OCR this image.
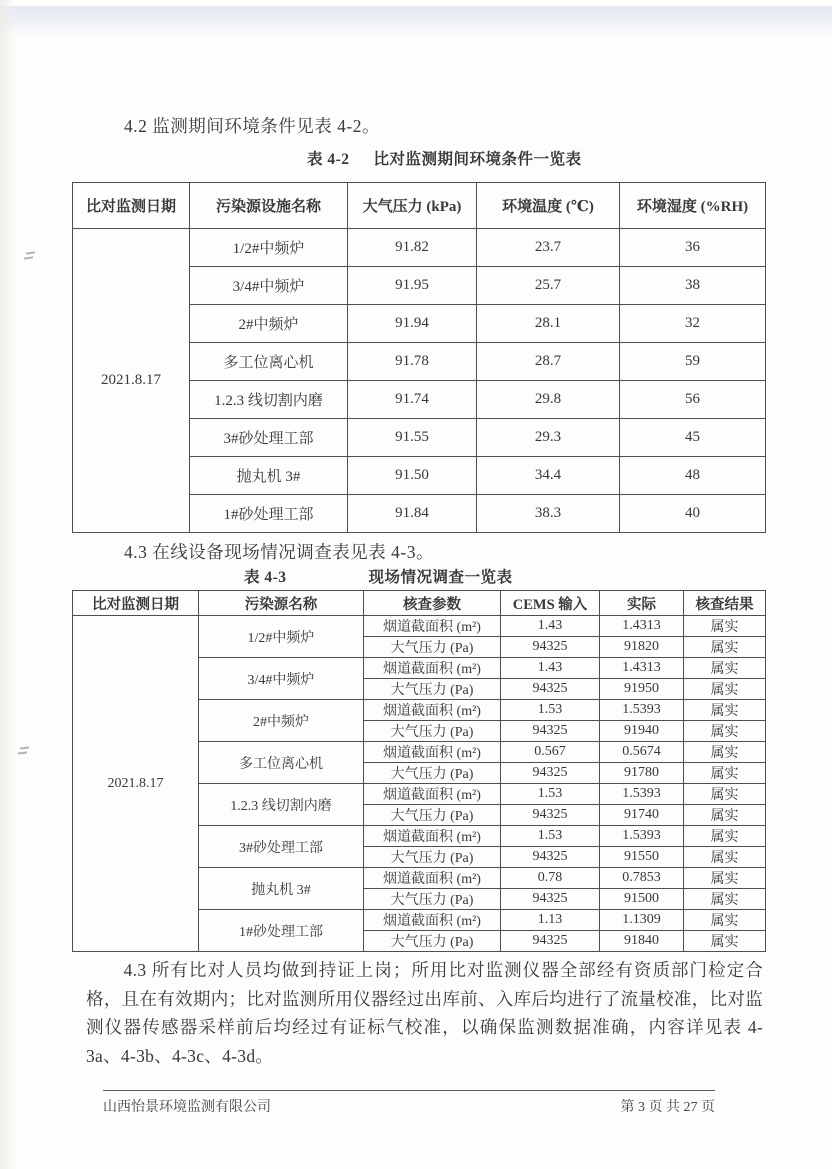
4.2 监测期间环境条件见表 4-2。

表 4-2 比对监测期间环境条件一览表
比对监测日期	污染源设施名称	大气压力 (kPa)	环境温度 (℃)	环境湿度 (%RH)
2021.8.17	1/2#中频炉	91.82	23.7	36
	3/4#中频炉	91.95	25.7	38
	2#中频炉	91.94	28.1	32
	多工位离心机	91.78	28.7	59
	1.2.3 线切割内磨	91.74	29.8	56
	3#砂处理工部	91.55	29.3	45
	抛丸机 3#	91.50	34.4	48
	1#砂处理工部	91.84	38.3	40

4.3 在线设备现场情况调查表见表 4-3。

表 4-3	现场情况调查一览表
比对监测日期	污染源名称	核查参数	CEMS 输入	实际	核查结果
2021.8.17	1/2#中频炉	烟道截面积 (m²)	1.43	1.4313	属实
		大气压力 (Pa)	94325	91820	属实
	3/4#中频炉	烟道截面积 (m²)	1.43	1.4313	属实
		大气压力 (Pa)	94325	91950	属实
	2#中频炉	烟道截面积 (m²)	1.53	1.5393	属实
		大气压力 (Pa)	94325	91940	属实
	多工位离心机	烟道截面积 (m²)	0.567	0.5674	属实
		大气压力 (Pa)	94325	91780	属实
	1.2.3 线切割内磨	烟道截面积 (m²)	1.53	1.5393	属实
		大气压力 (Pa)	94325	91740	属实
	3#砂处理工部	烟道截面积 (m²)	1.53	1.5393	属实
		大气压力 (Pa)	94325	91550	属实
	抛丸机 3#	烟道截面积 (m²)	0.78	0.7853	属实
		大气压力 (Pa)	94325	91500	属实
	1#砂处理工部	烟道截面积 (m²)	1.13	1.1309	属实
		大气压力 (Pa)	94325	91840	属实

4.3 所有比对人员均做到持证上岗；所用比对监测仪器全部经有资质部门检定合格，且在有效期内；比对监测所用仪器经过出库前、入库后均进行了流量校准，比对监测仪器传感器采样前后均经过有证标气校准，以确保监测数据准确，内容详见表 4-3a、4-3b、4-3c、4-3d。

山西怡景环境监测有限公司	第 3 页 共 27 页
